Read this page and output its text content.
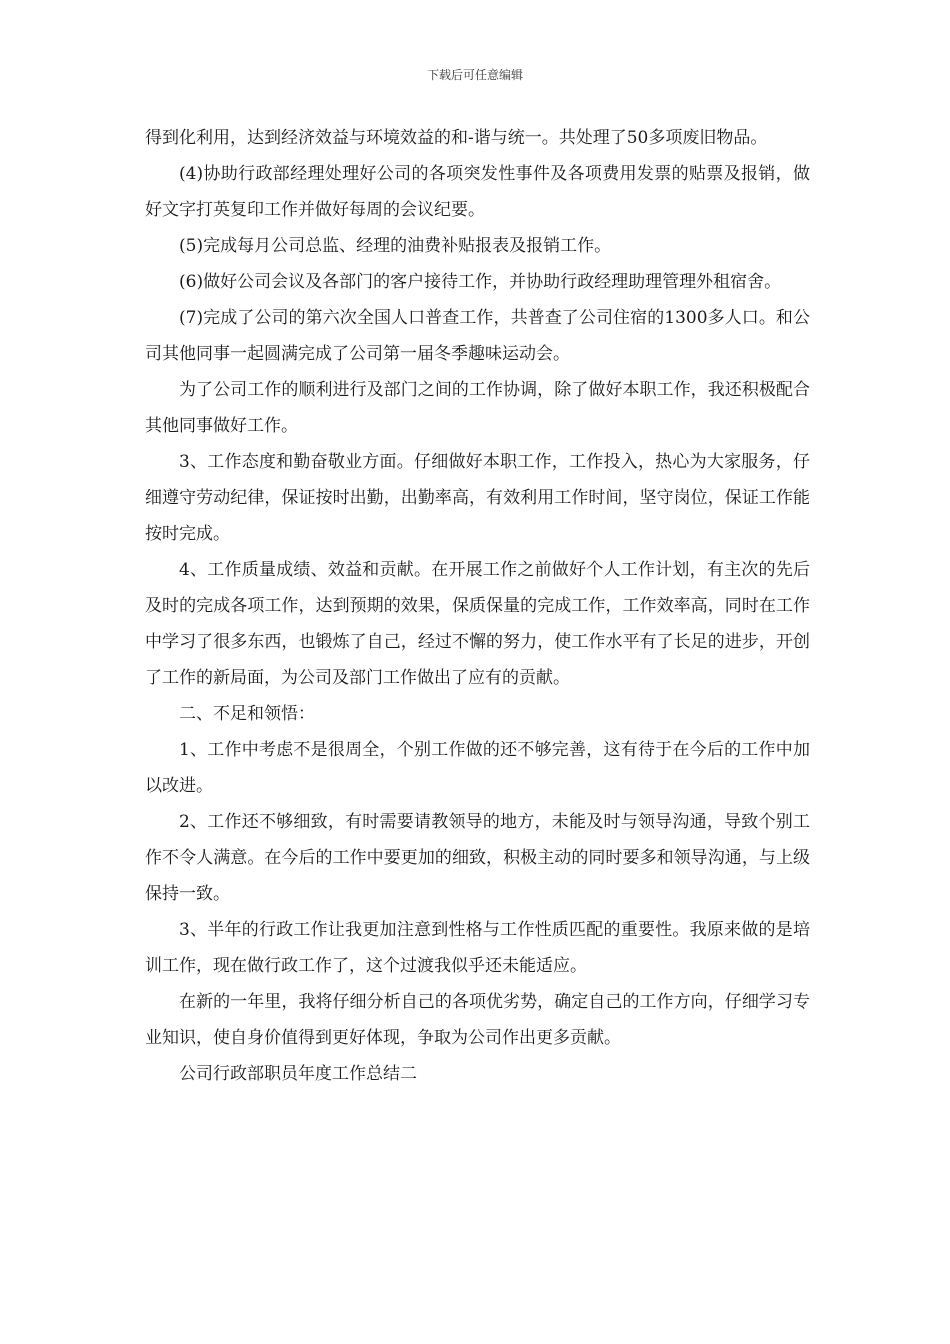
下载后可任意编辑

得到化利用，达到经济效益与环境效益的和-谐与统一。共处理了50多项废旧物品。

(4)协助行政部经理处理好公司的各项突发性事件及各项费用发票的贴票及报销，做好文字打英复印工作并做好每周的会议纪要。

(5)完成每月公司总监、经理的油费补贴报表及报销工作。

(6)做好公司会议及各部门的客户接待工作，并协助行政经理助理管理外租宿舍。

(7)完成了公司的第六次全国人口普查工作，共普查了公司住宿的1300多人口。和公司其他同事一起圆满完成了公司第一届冬季趣味运动会。

为了公司工作的顺利进行及部门之间的工作协调，除了做好本职工作，我还积极配合其他同事做好工作。

3、工作态度和勤奋敬业方面。仔细做好本职工作，工作投入，热心为大家服务，仔细遵守劳动纪律，保证按时出勤，出勤率高，有效利用工作时间，坚守岗位，保证工作能按时完成。

4、工作质量成绩、效益和贡献。在开展工作之前做好个人工作计划，有主次的先后及时的完成各项工作，达到预期的效果，保质保量的完成工作，工作效率高，同时在工作中学习了很多东西，也锻炼了自己，经过不懈的努力，使工作水平有了长足的进步，开创了工作的新局面，为公司及部门工作做出了应有的贡献。

二、不足和领悟：

1、工作中考虑不是很周全，个别工作做的还不够完善，这有待于在今后的工作中加以改进。

2、工作还不够细致，有时需要请教领导的地方，未能及时与领导沟通，导致个别工作不令人满意。在今后的工作中要更加的细致，积极主动的同时要多和领导沟通，与上级保持一致。

3、半年的行政工作让我更加注意到性格与工作性质匹配的重要性。我原来做的是培训工作，现在做行政工作了，这个过渡我似乎还未能适应。

在新的一年里，我将仔细分析自己的各项优劣势，确定自己的工作方向，仔细学习专业知识，使自身价值得到更好体现，争取为公司作出更多贡献。

公司行政部职员年度工作总结二
